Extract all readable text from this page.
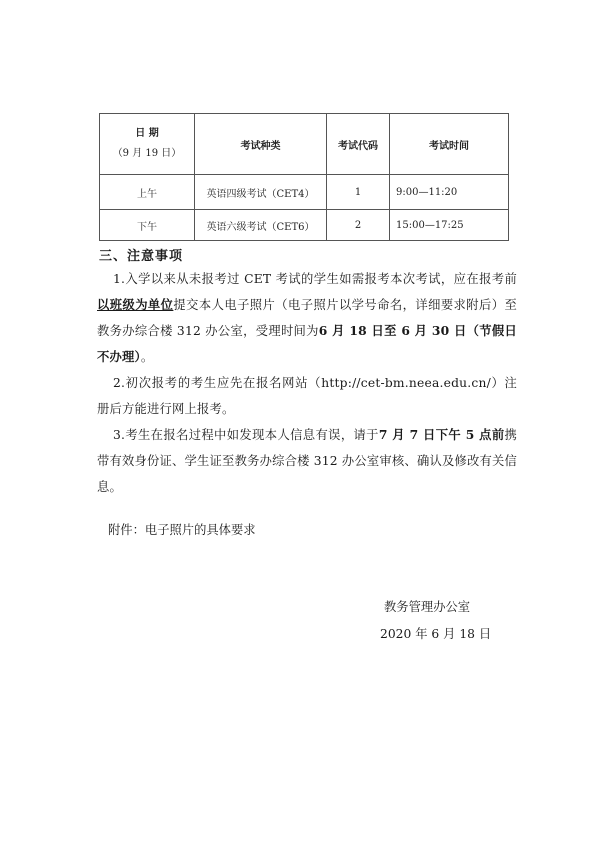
日 期
（9 月 19 日）	考试种类	考试代码	考试时间
上午	英语四级考试（CET4）	1	9:00—11:20
下午	英语六级考试（CET6）	2	15:00—17:25
三、注意事项
1.入学以来从未报考过 CET 考试的学生如需报考本次考试，应在报考前以班级为单位提交本人电子照片（电子照片以学号命名，详细要求附后）至教务办综合楼 312 办公室，受理时间为6 月 18 日至 6 月 30 日（节假日不办理）。
2.初次报考的考生应先在报名网站（http://cet-bm.neea.edu.cn/）注册后方能进行网上报考。
3.考生在报名过程中如发现本人信息有误，请于7 月 7 日下午 5 点前携带有效身份证、学生证至教务办综合楼 312 办公室审核、确认及修改有关信息。
附件：电子照片的具体要求
教务管理办公室
2020 年 6 月 18 日
